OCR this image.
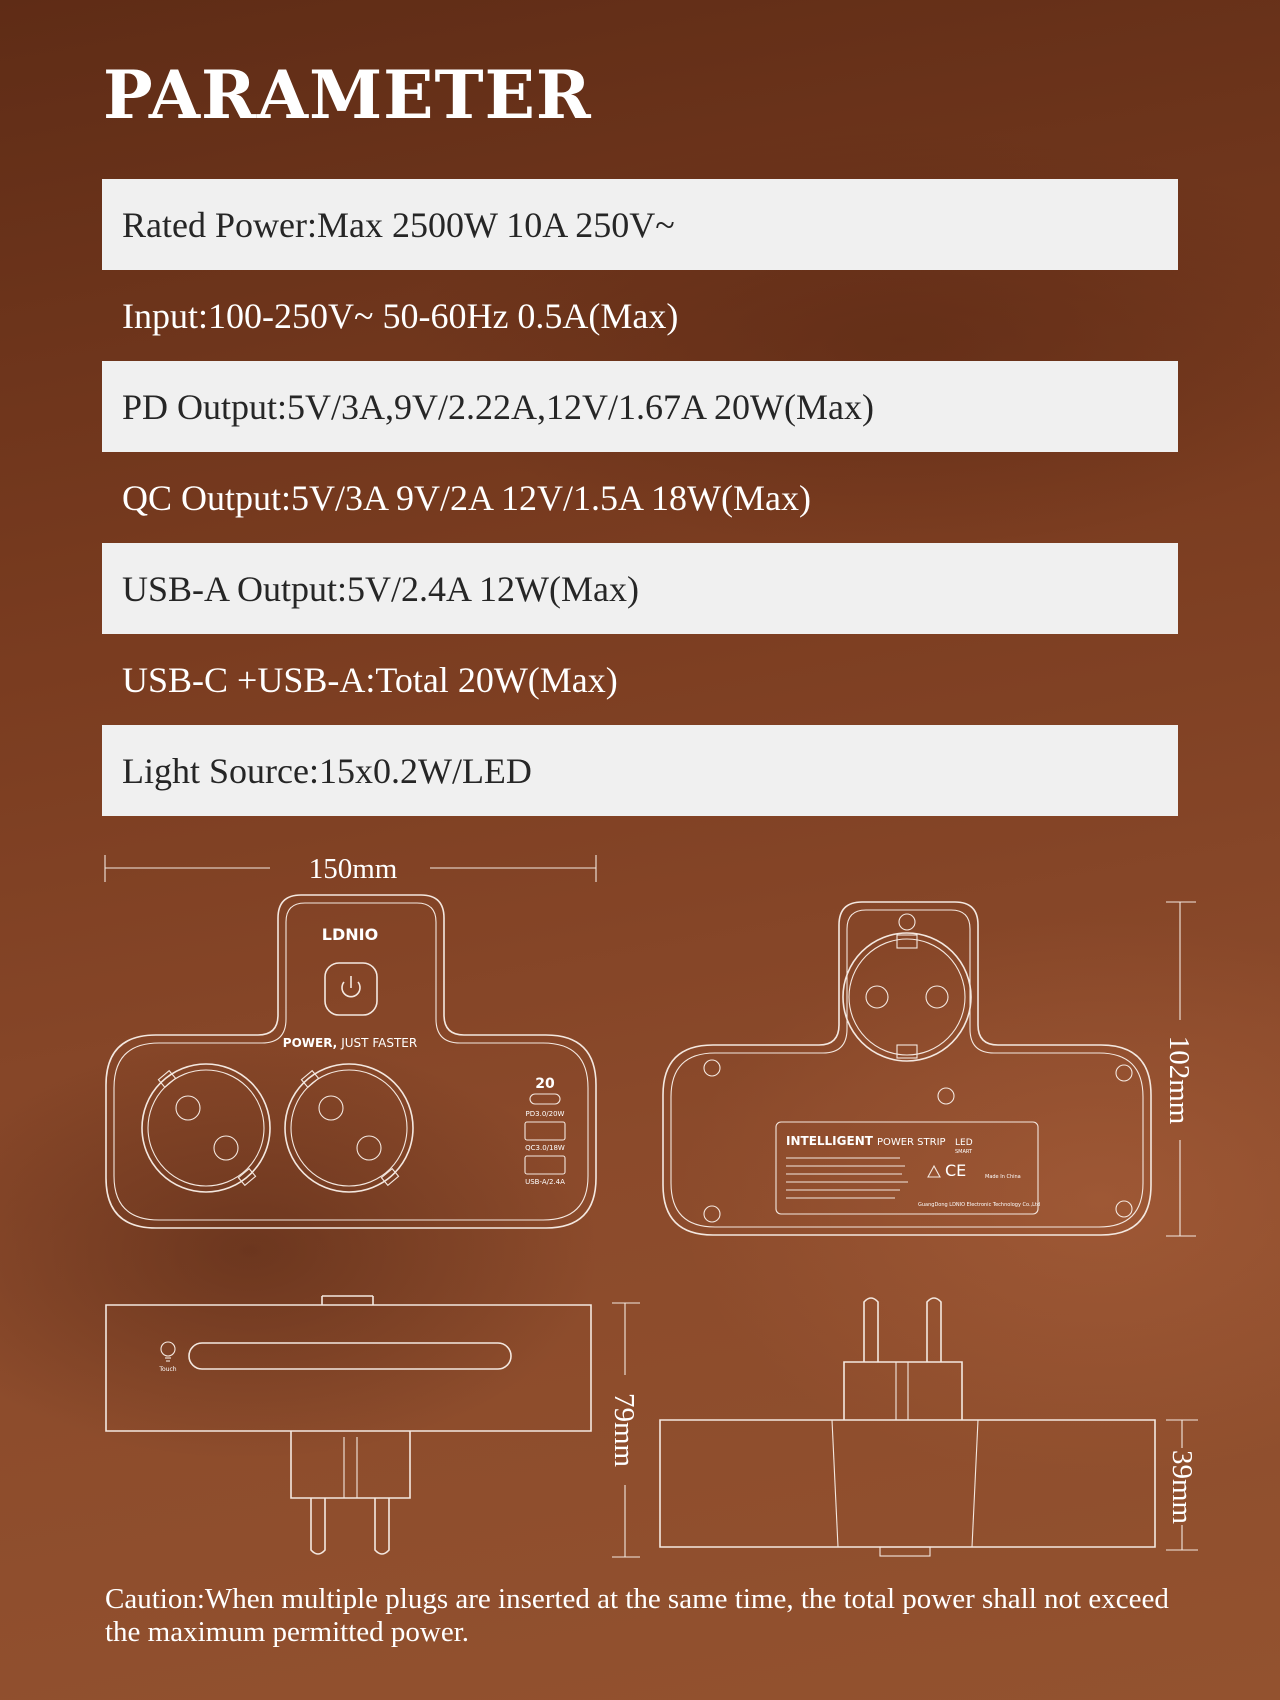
PARAMETER
Rated Power:Max 2500W 10A 250V~
Input:100-250V~ 50-60Hz 0.5A(Max)
PD Output:5V/3A,9V/2.22A,12V/1.67A 20W(Max)
QC Output:5V/3A 9V/2A 12V/1.5A 18W(Max)
USB-A Output:5V/2.4A 12W(Max)
USB-C +USB-A:Total 20W(Max)
Light Source:15x0.2W/LED
150mm
LDNIO
POWER, JUST FASTER
20
PD3.0/20W
QC3.0/18W
USB-A/2.4A
INTELLIGENT POWER STRIP LED
SMART
CE	Made In China
GuangDong LDNIO Electronic Technology Co.,Ltd
102mm
Touch
79mm
39mm
Caution:When multiple plugs are inserted at the same time, the total power shall not exceed the maximum permitted power.
